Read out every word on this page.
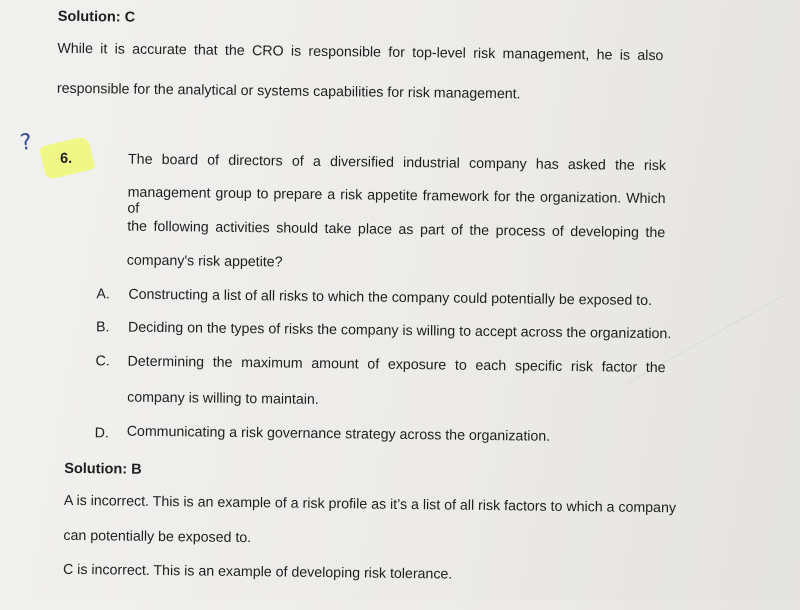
Solution: C
While it is accurate that the CRO is responsible for top-level risk management, he is also
responsible for the analytical or systems capabilities for risk management.
?
6.	The board of directors of a diversified industrial company has asked the risk
management group to prepare a risk appetite framework for the organization. Which of
the following activities should take place as part of the process of developing the
company's risk appetite?
A. Constructing a list of all risks to which the company could potentially be exposed to.
B. Deciding on the types of risks the company is willing to accept across the organization.
C. Determining the maximum amount of exposure to each specific risk factor the
company is willing to maintain.
D. Communicating a risk governance strategy across the organization.
Solution: B
A is incorrect. This is an example of a risk profile as it’s a list of all risk factors to which a company
can potentially be exposed to.
C is incorrect. This is an example of developing risk tolerance.
